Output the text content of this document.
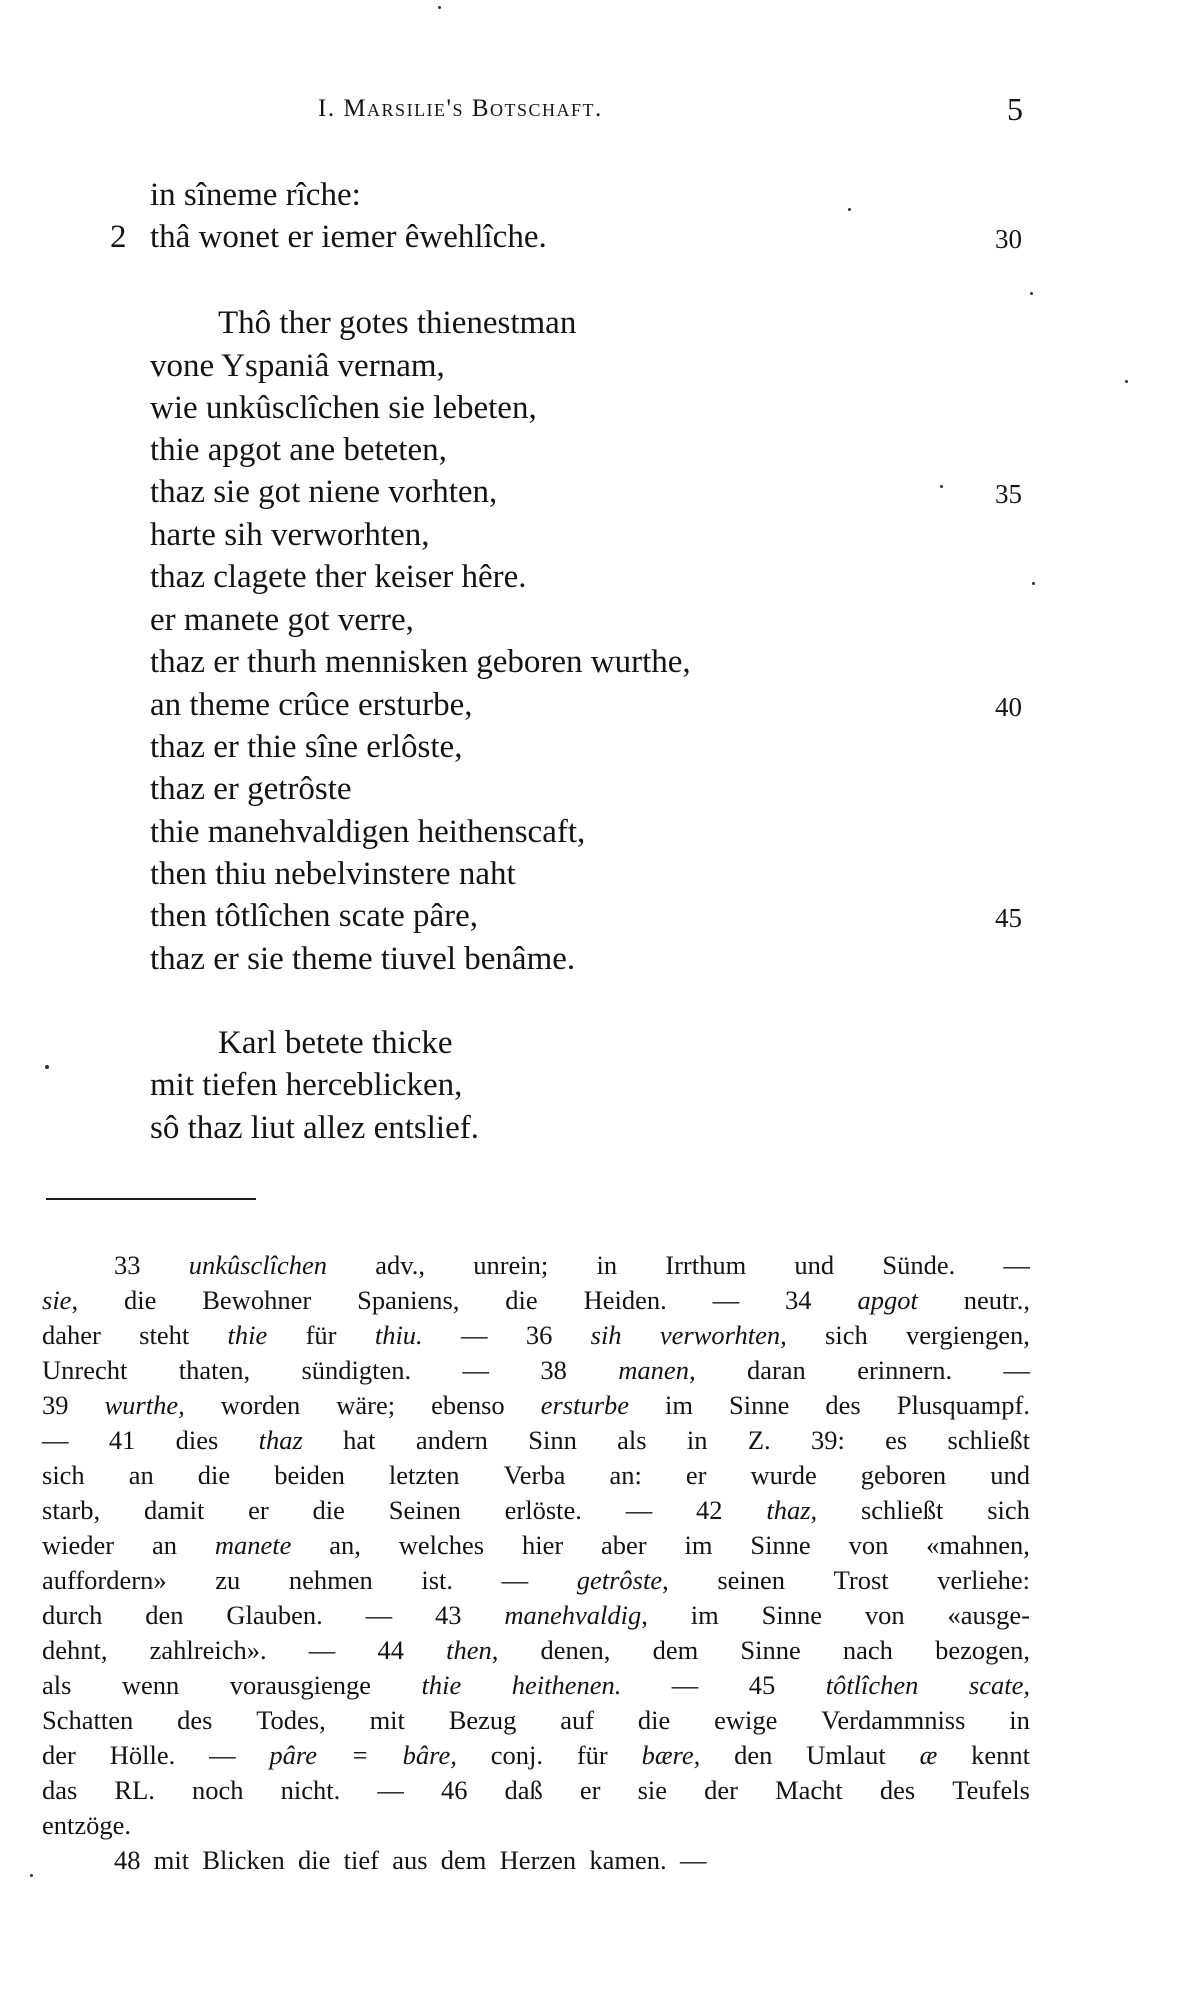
I. Marsilie's Botschaft.	5
in sîneme rîche:
thâ wonet er iemer êwehlîche.
2	30
Thô ther gotes thienestman
vone Yspaniâ vernam,
wie unkûsclîchen sie lebeten,
thie apgot ane beteten,
thaz sie got niene vorhten,	35
harte sih verworhten,
thaz clagete ther keiser hêre.
er manete got verre,
thaz er thurh mennisken geboren wurthe,
an theme crûce ersturbe,	40
thaz er thie sîne erlôste,
thaz er getrôste
thie manehvaldigen heithenscaft,
then thiu nebelvinstere naht
then tôtlîchen scate pâre,	45
thaz er sie theme tiuvel benâme.
Karl betete thicke
mit tiefen herceblicken,
sô thaz liut allez entslief.
33 unkûsclîchen adv., unrein; in Irrthum und Sünde. —
sie, die Bewohner Spaniens, die Heiden. — 34 apgot neutr.,
daher steht thie für thiu. — 36 sih verworhten, sich vergiengen,
Unrecht thaten, sündigten. — 38 manen, daran erinnern. —
39 wurthe, worden wäre; ebenso ersturbe im Sinne des Plusquampf.
— 41 dies thaz hat andern Sinn als in Z. 39: es schließt
sich an die beiden letzten Verba an: er wurde geboren und
starb, damit er die Seinen erlöste. — 42 thaz, schließt sich
wieder an manete an, welches hier aber im Sinne von «mahnen,
auffordern» zu nehmen ist. — getrôste, seinen Trost verliehe:
durch den Glauben. — 43 manehvaldig, im Sinne von «ausge-
dehnt, zahlreich». — 44 then, denen, dem Sinne nach bezogen,
als wenn vorausgienge thie heithenen. — 45 tôtlîchen scate,
Schatten des Todes, mit Bezug auf die ewige Verdammniss in
der Hölle. — pâre = bâre, conj. für bære, den Umlaut æ kennt
das RL. noch nicht. — 46 daß er sie der Macht des Teufels
entzöge.
48 mit Blicken die tief aus dem Herzen kamen. —
